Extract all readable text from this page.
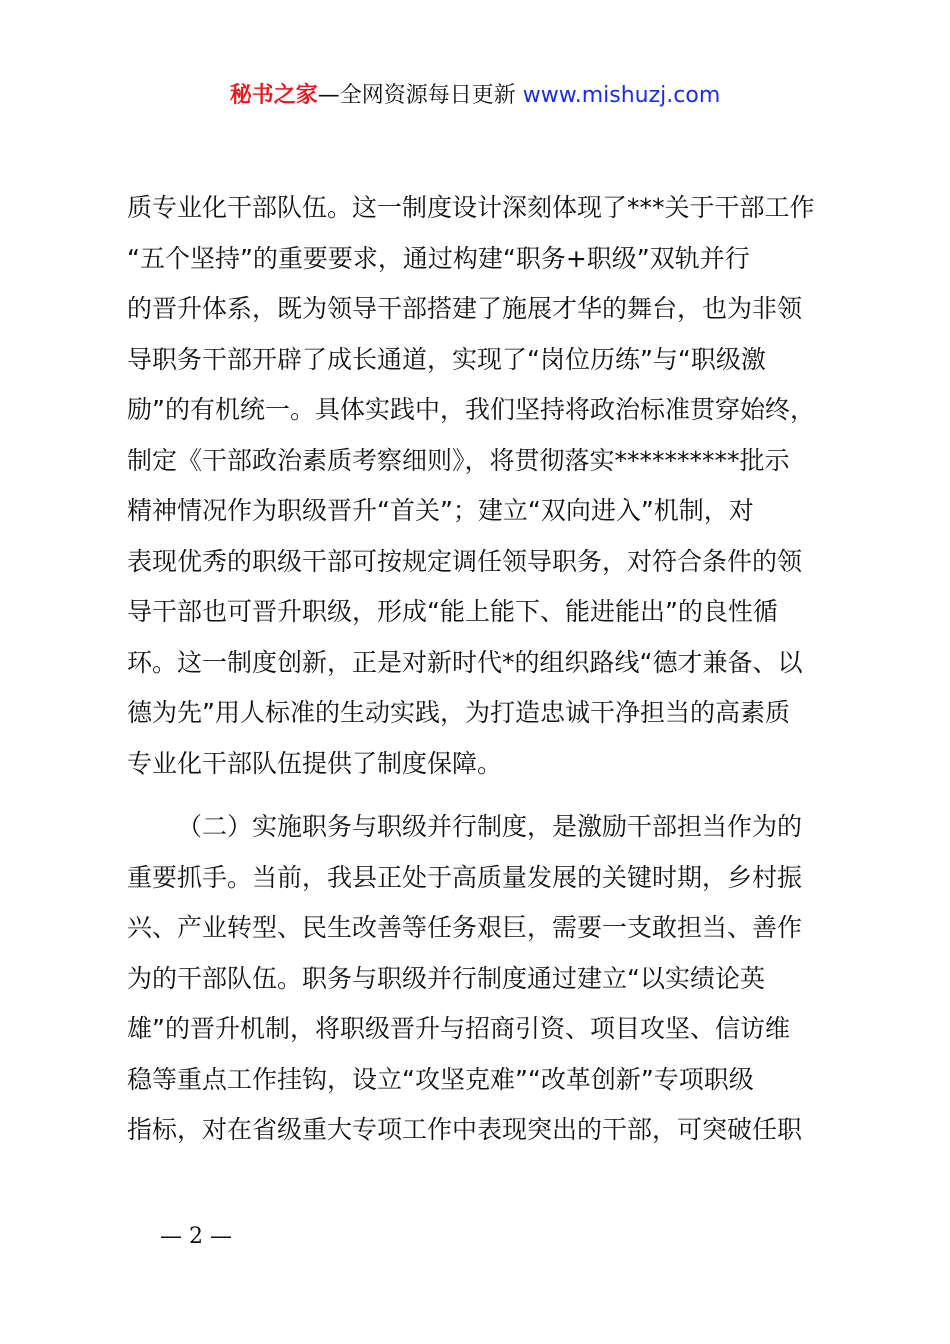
秘书之家—全网资源每日更新 www.mishuzj.com
质专业化干部队伍。这一制度设计深刻体现了***关于干部工作
“五个坚持”的重要要求，通过构建“职务+职级”双轨并行
的晋升体系，既为领导干部搭建了施展才华的舞台，也为非领
导职务干部开辟了成长通道，实现了“岗位历练”与“职级激
励”的有机统一。具体实践中，我们坚持将政治标准贯穿始终，
制定《干部政治素质考察细则》，将贯彻落实**********批示
精神情况作为职级晋升“首关”；建立“双向进入”机制，对
表现优秀的职级干部可按规定调任领导职务，对符合条件的领
导干部也可晋升职级，形成“能上能下、能进能出”的良性循
环。这一制度创新，正是对新时代*的组织路线“德才兼备、以
德为先”用人标准的生动实践，为打造忠诚干净担当的高素质
专业化干部队伍提供了制度保障。
（二）实施职务与职级并行制度，是激励干部担当作为的
重要抓手。当前，我县正处于高质量发展的关键时期，乡村振
兴、产业转型、民生改善等任务艰巨，需要一支敢担当、善作
为的干部队伍。职务与职级并行制度通过建立“以实绩论英
雄”的晋升机制，将职级晋升与招商引资、项目攻坚、信访维
稳等重点工作挂钩，设立“攻坚克难”“改革创新”专项职级
指标，对在省级重大专项工作中表现突出的干部，可突破任职
— 2 —
